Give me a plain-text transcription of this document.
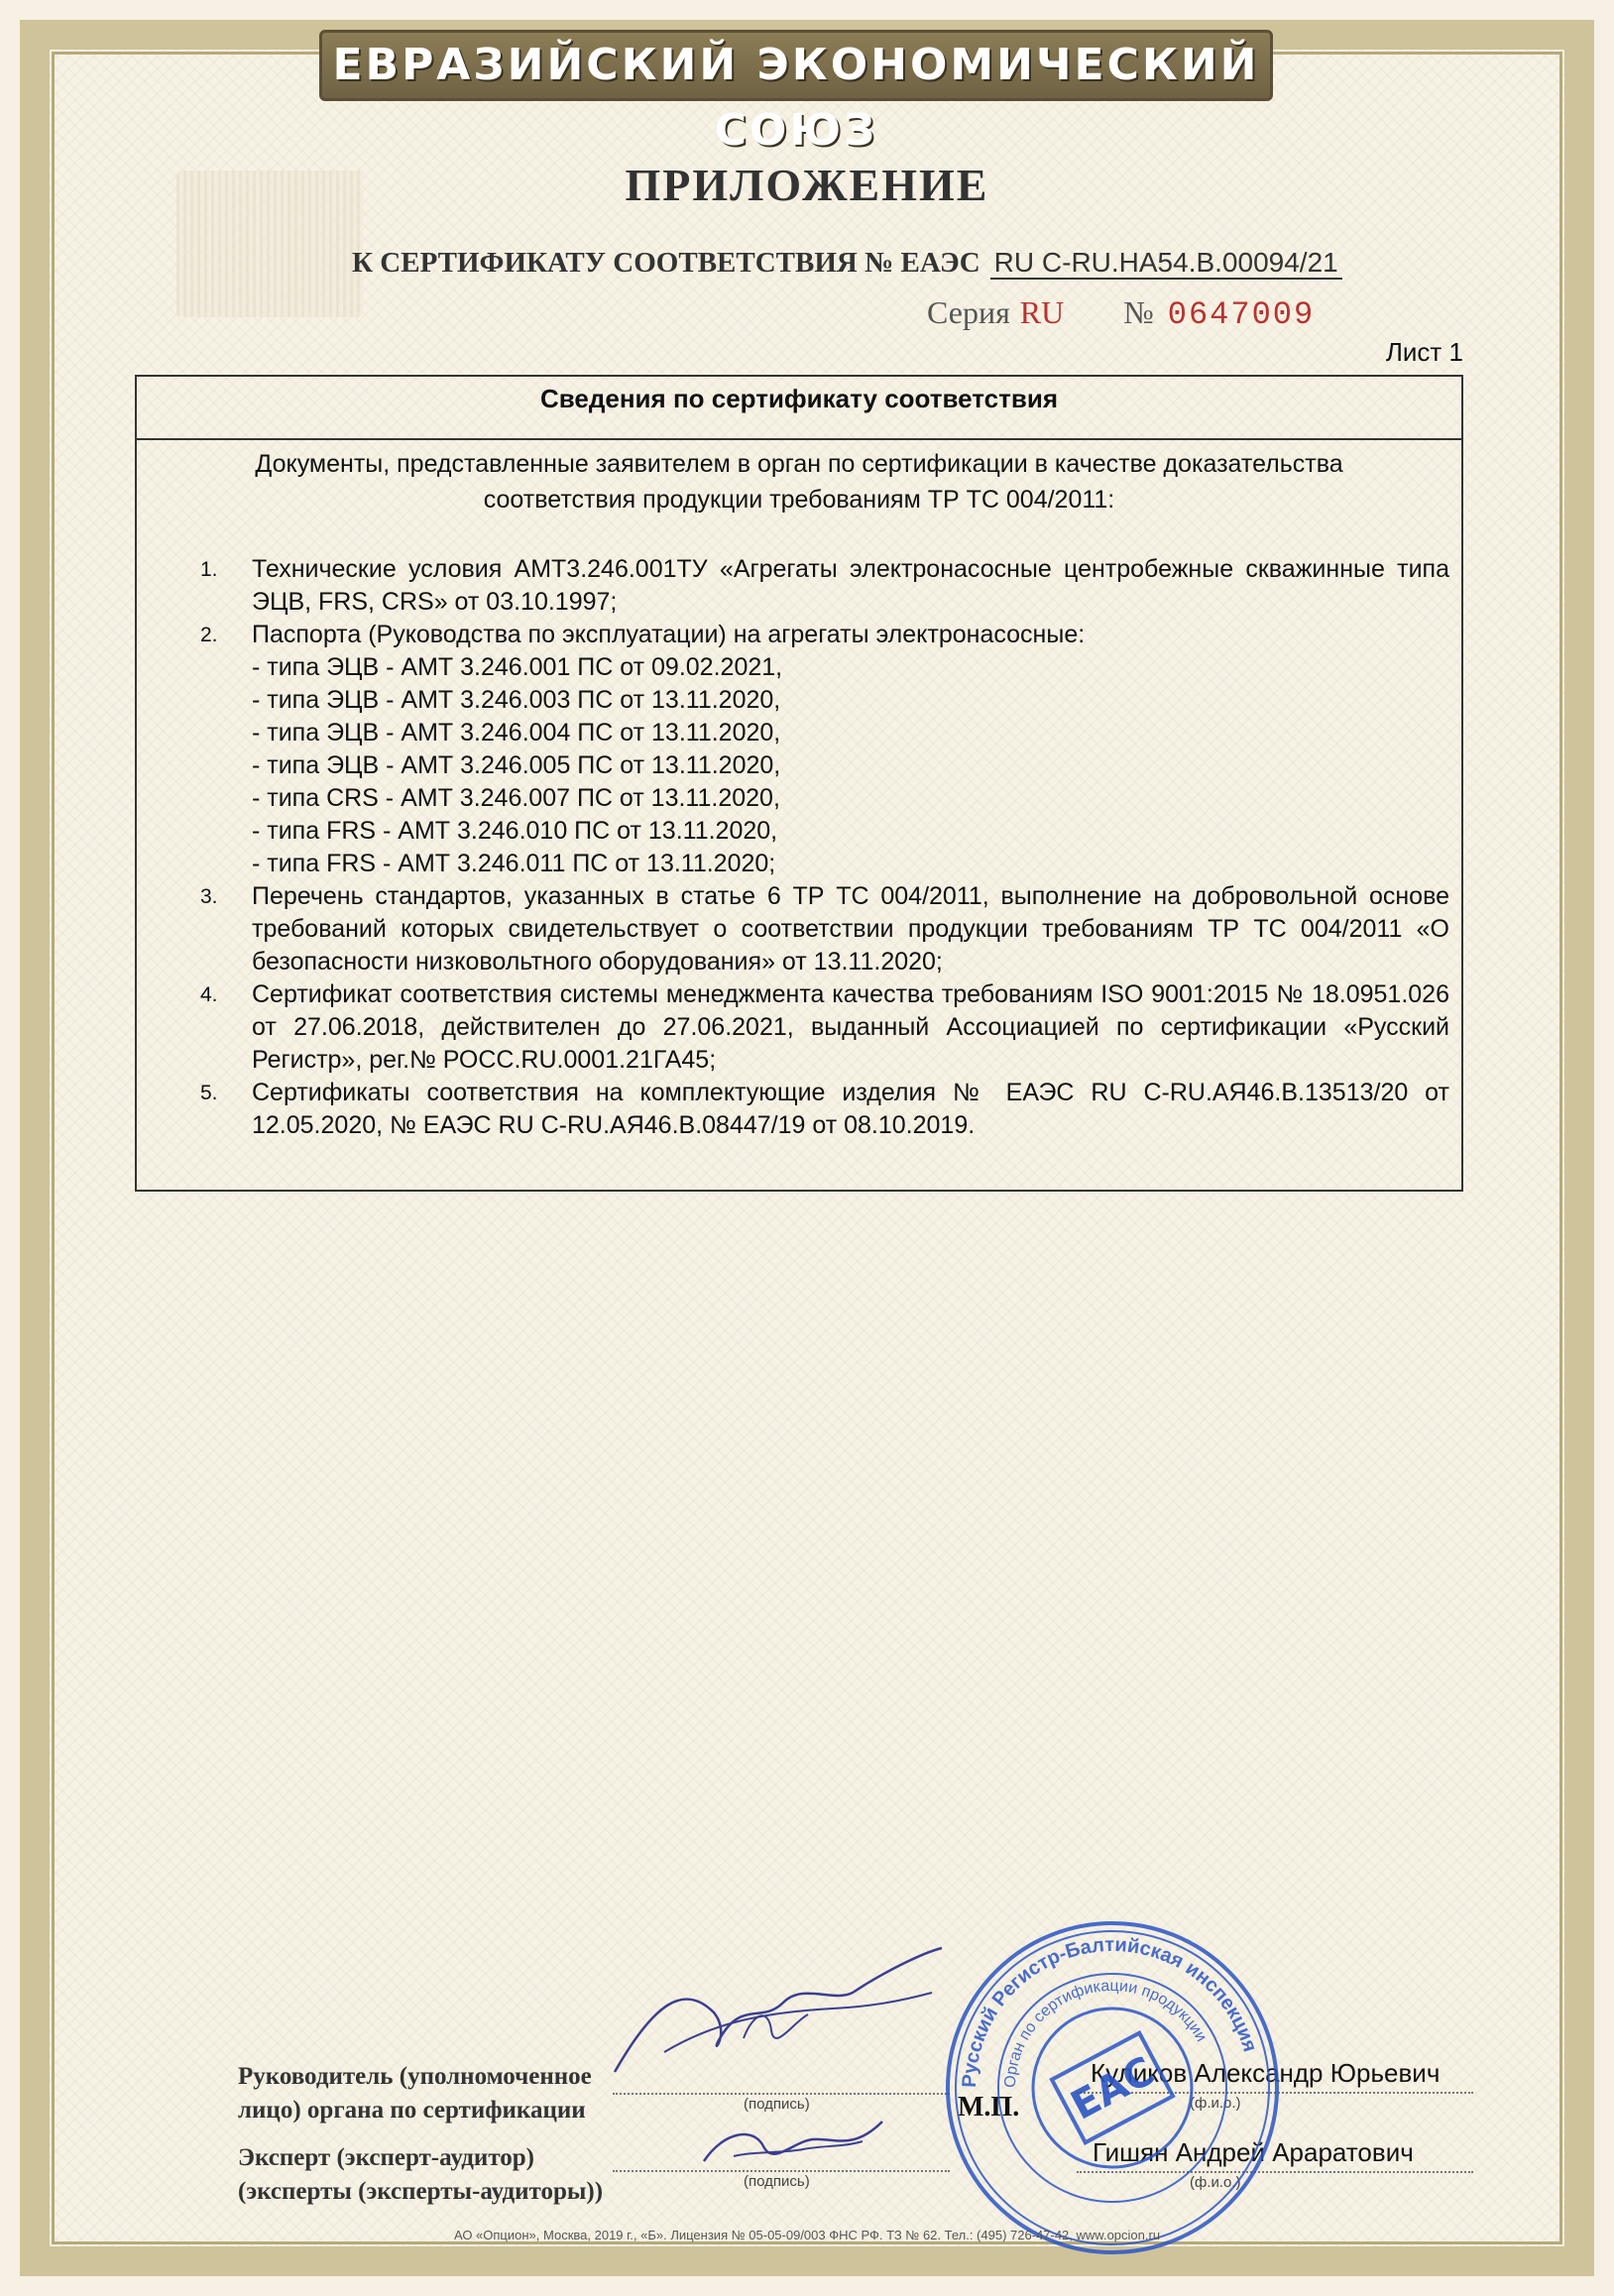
ЕВРАЗИЙСКИЙ ЭКОНОМИЧЕСКИЙ СОЮЗ
ПРИЛОЖЕНИЕ
К СЕРТИФИКАТУ СООТВЕТСТВИЯ № ЕАЭС RU C-RU.HA54.B.00094/21
Серия RU № 0647009
Лист 1
Сведения по сертификату соответствия
Документы, представленные заявителем в орган по сертификации в качестве доказательства соответствия продукции требованиям ТР ТС 004/2011:
1. Технические условия АМТ3.246.001ТУ «Агрегаты электронасосные центробежные скважинные типа ЭЦВ, FRS, CRS» от 03.10.1997;
2. Паспорта (Руководства по эксплуатации) на агрегаты электронасосные:
- типа ЭЦВ - АМТ 3.246.001 ПС от 09.02.2021,
- типа ЭЦВ - АМТ 3.246.003 ПС от 13.11.2020,
- типа ЭЦВ - АМТ 3.246.004 ПС от 13.11.2020,
- типа ЭЦВ - АМТ 3.246.005 ПС от 13.11.2020,
- типа CRS - АМТ 3.246.007 ПС от 13.11.2020,
- типа FRS - АМТ 3.246.010 ПС от 13.11.2020,
- типа FRS - АМТ 3.246.011 ПС от 13.11.2020;
3. Перечень стандартов, указанных в статье 6 ТР ТС 004/2011, выполнение на добровольной основе требований которых свидетельствует о соответствии продукции требованиям ТР ТС 004/2011 «О безопасности низковольтного оборудования» от 13.11.2020;
4. Сертификат соответствия системы менеджмента качества требованиям ISO 9001:2015 № 18.0951.026 от 27.06.2018, действителен до 27.06.2021, выданный Ассоциацией по сертификации «Русский Регистр», рег.№ РОСС.RU.0001.21ГА45;
5. Сертификаты соответствия на комплектующие изделия № ЕАЭС RU C-RU.АЯ46.В.13513/20 от 12.05.2020, № ЕАЭС RU C-RU.АЯ46.В.08447/19 от 08.10.2019.
Руководитель (уполномоченное
лицо) органа по сертификации	(подпись)	М.П.
Куликов Александр Юрьевич
(ф.и.о.)
Эксперт (эксперт-аудитор)
(эксперты (эксперты-аудиторы))	(подпись)
Гишян Андрей Араратович
(ф.и.о.)
Русский Регистр-Балтийская инспекция
Орган по сертификации продукции
ЕАС
АО «Опцион», Москва, 2019 г., «Б». Лицензия № 05-05-09/003 ФНС РФ. ТЗ № 62. Тел.: (495) 726-47-42, www.opcion.ru
